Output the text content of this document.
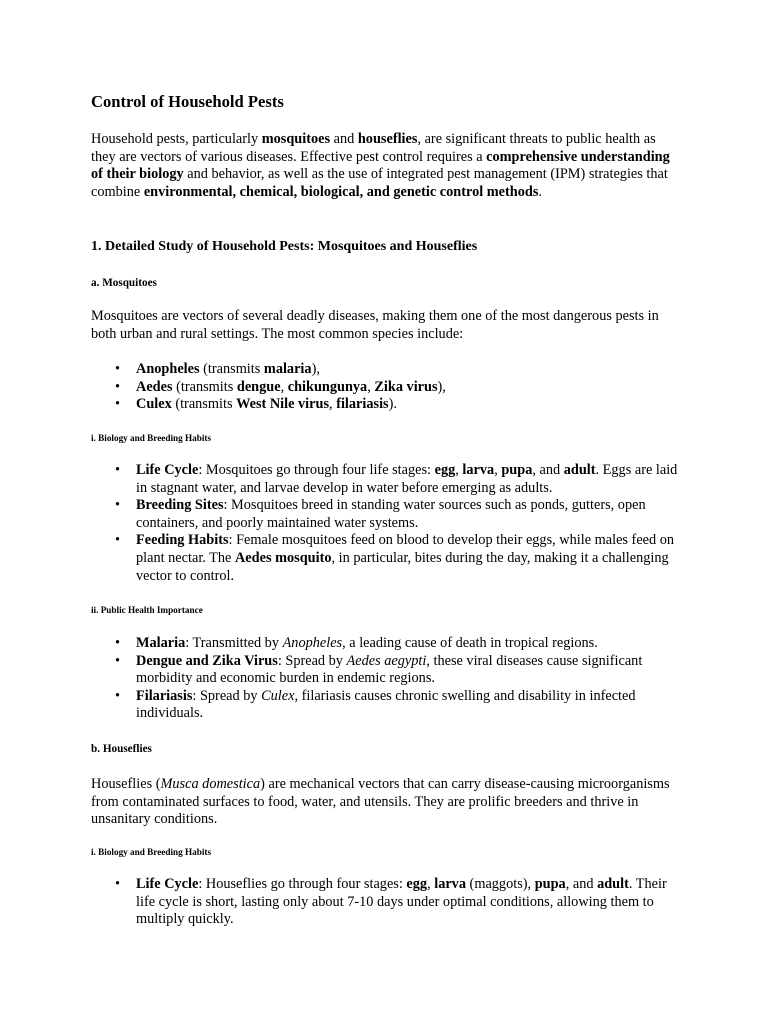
Control of Household Pests

Household pests, particularly mosquitoes and houseflies, are significant threats to public health as they are vectors of various diseases. Effective pest control requires a comprehensive understanding of their biology and behavior, as well as the use of integrated pest management (IPM) strategies that combine environmental, chemical, biological, and genetic control methods.

1. Detailed Study of Household Pests: Mosquitoes and Houseflies
a. Mosquitoes

Mosquitoes are vectors of several deadly diseases, making them one of the most dangerous pests in both urban and rural settings. The most common species include:

• Anopheles (transmits malaria),
• Aedes (transmits dengue, chikungunya, Zika virus),
• Culex (transmits West Nile virus, filariasis).
i. Biology and Breeding Habits
• Life Cycle: Mosquitoes go through four life stages: egg, larva, pupa, and adult. Eggs are laid in stagnant water, and larvae develop in water before emerging as adults.
• Breeding Sites: Mosquitoes breed in standing water sources such as ponds, gutters, open containers, and poorly maintained water systems.
• Feeding Habits: Female mosquitoes feed on blood to develop their eggs, while males feed on plant nectar. The Aedes mosquito, in particular, bites during the day, making it a challenging vector to control.
ii. Public Health Importance
• Malaria: Transmitted by Anopheles, a leading cause of death in tropical regions.
• Dengue and Zika Virus: Spread by Aedes aegypti, these viral diseases cause significant morbidity and economic burden in endemic regions.
• Filariasis: Spread by Culex, filariasis causes chronic swelling and disability in infected individuals.
b. Houseflies

Houseflies (Musca domestica) are mechanical vectors that can carry disease-causing microorganisms from contaminated surfaces to food, water, and utensils. They are prolific breeders and thrive in unsanitary conditions.

i. Biology and Breeding Habits
• Life Cycle: Houseflies go through four stages: egg, larva (maggots), pupa, and adult. Their life cycle is short, lasting only about 7-10 days under optimal conditions, allowing them to multiply quickly.
